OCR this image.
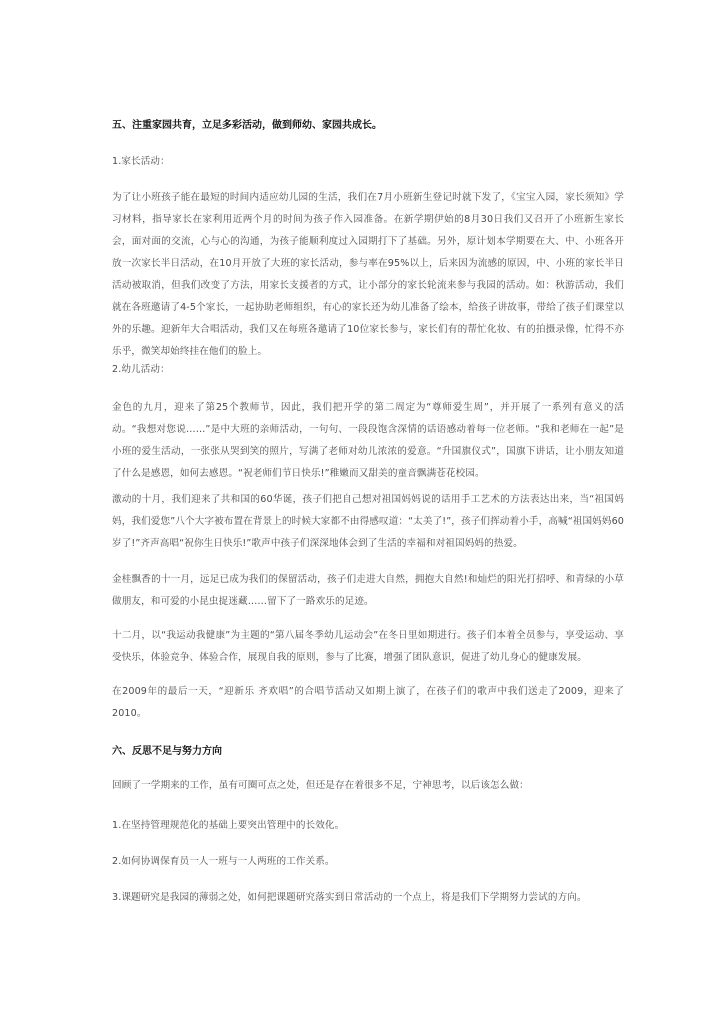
五、注重家园共育，立足多彩活动，做到师幼、家园共成长。

1.家长活动：

为了让小班孩子能在最短的时间内适应幼儿园的生活，我们在7月小班新生登记时就下发了，《宝宝入园，家长须知》学习材料，指导家长在家利用近两个月的时间为孩子作入园准备。在新学期伊始的8月30日我们又召开了小班新生家长会，面对面的交流，心与心的沟通，为孩子能顺利度过入园期打下了基础。另外，原计划本学期要在大、中、小班各开放一次家长半日活动，在10月开放了大班的家长活动，参与率在95%以上，后来因为流感的原因，中、小班的家长半日活动被取消，但我们改变了方法，用家长支援者的方式，让小部分的家长轮流来参与我园的活动。如：秋游活动，我们就在各班邀请了4-5个家长，一起协助老师组织，有心的家长还为幼儿准备了绘本，给孩子讲故事，带给了孩子们课堂以外的乐趣。迎新年大合唱活动，我们又在每班各邀请了10位家长参与，家长们有的帮忙化妆、有的拍摄录像，忙得不亦乐乎，微笑却始终挂在他们的脸上。

2.幼儿活动：

金色的九月，迎来了第25个教师节，因此，我们把开学的第二周定为“尊师爱生周”，并开展了一系列有意义的活动。“我想对您说……”是中大班的亲师活动，一句句、一段段饱含深情的话语感动着每一位老师。“我和老师在一起”是小班的爱生活动，一张张从哭到笑的照片，写满了老师对幼儿浓浓的爱意。“升国旗仪式”，国旗下讲话，让小朋友知道了什么是感恩，如何去感恩。“祝老师们节日快乐!”稚嫩而又甜美的童音飘满苍花校园。

激动的十月，我们迎来了共和国的60华诞，孩子们把自己想对祖国妈妈说的话用手工艺术的方法表达出来，当“祖国妈妈，我们爱您”八个大字被布置在背景上的时候大家都不由得感叹道：“太美了!”，孩子们挥动着小手，高喊“祖国妈妈60岁了!”齐声高唱“祝你生日快乐!”歌声中孩子们深深地体会到了生活的幸福和对祖国妈妈的热爱。

金桂飘香的十一月，远足已成为我们的保留活动，孩子们走进大自然，拥抱大自然!和灿烂的阳光打招呼、和青绿的小草做朋友，和可爱的小昆虫捉迷藏……留下了一路欢乐的足迹。

十二月，以“我运动我健康”为主题的“第八届冬季幼儿运动会”在冬日里如期进行。孩子们本着全员参与，享受运动、享受快乐，体验竞争、体验合作，展现自我的原则，参与了比赛，增强了团队意识，促进了幼儿身心的健康发展。

在2009年的最后一天，“迎新乐 齐欢唱”的合唱节活动又如期上演了，在孩子们的歌声中我们送走了2009，迎来了2010。

六、反思不足与努力方向

回顾了一学期来的工作，虽有可圈可点之处，但还是存在着很多不足，宁神思考，以后该怎么做：

1.在坚持管理规范化的基础上要突出管理中的长效化。

2.如何协调保育员一人一班与一人两班的工作关系。

3.课题研究是我园的薄弱之处，如何把课题研究落实到日常活动的一个点上，将是我们下学期努力尝试的方向。
